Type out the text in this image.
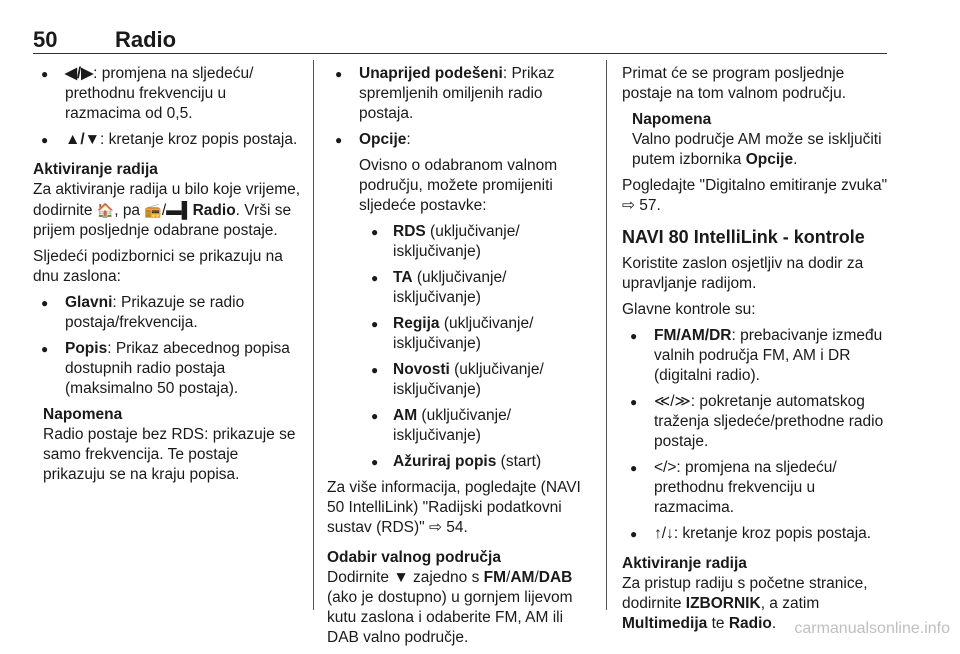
50	Radio
● ◀/▶: promjena na sljedeću/ prethodnu frekvenciju u razmacima od 0,5.
● ▲/▼: kretanje kroz popis postaja.

Aktiviranje radija

Za aktiviranje radija u bilo koje vrijeme, dodirnite 🏠, pa 📻/▬▌Radio. Vrši se prijem posljednje odabrane postaje.

Sljedeći podizbornici se prikazuju na dnu zaslona:

● Glavni: Prikazuje se radio postaja/frekvencija.
● Popis: Prikaz abecednog popisa dostupnih radio postaja (maksimalno 50 postaja).
Napomena
Radio postaje bez RDS: prikazuje se samo frekvencija. Te postaje prikazuju se na kraju popisa.
● Unaprijed podešeni: Prikaz spremljenih omiljenih radio postaja.
● Opcije:
Ovisno o odabranom valnom području, možete promijeniti sljedeće postavke:
● RDS (uključivanje/ isključivanje)
● TA (uključivanje/ isključivanje)
● Regija (uključivanje/ isključivanje)
● Novosti (uključivanje/ isključivanje)
● AM (uključivanje/ isključivanje)
● Ažuriraj popis (start)

Za više informacija, pogledajte (NAVI 50 IntelliLink) "Radijski podatkovni sustav (RDS)" ⇨ 54.

Odabir valnog područja

Dodirnite ▼ zajedno s FM/AM/DAB (ako je dostupno) u gornjem lijevom kutu zaslona i odaberite FM, AM ili DAB valno područje.

Primat će se program posljednje postaje na tom valnom području.

Napomena
Valno područje AM može se isključiti putem izbornika Opcije.

Pogledajte "Digitalno emitiranje zvuka" ⇨ 57.

NAVI 80 IntelliLink - kontrole

Koristite zaslon osjetljiv na dodir za upravljanje radijom.

Glavne kontrole su:

● FM/AM/DR: prebacivanje između valnih područja FM, AM i DR (digitalni radio).
● ≪/≫: pokretanje automatskog traženja sljedeće/prethodne radio postaje.
● </>: promjena na sljedeću/ prethodnu frekvenciju u razmacima.
● ↑/↓: kretanje kroz popis postaja.

Aktiviranje radija

Za pristup radiju s početne stranice, dodirnite IZBORNIK, a zatim Multimedija te Radio.	carmanualsonline.info
